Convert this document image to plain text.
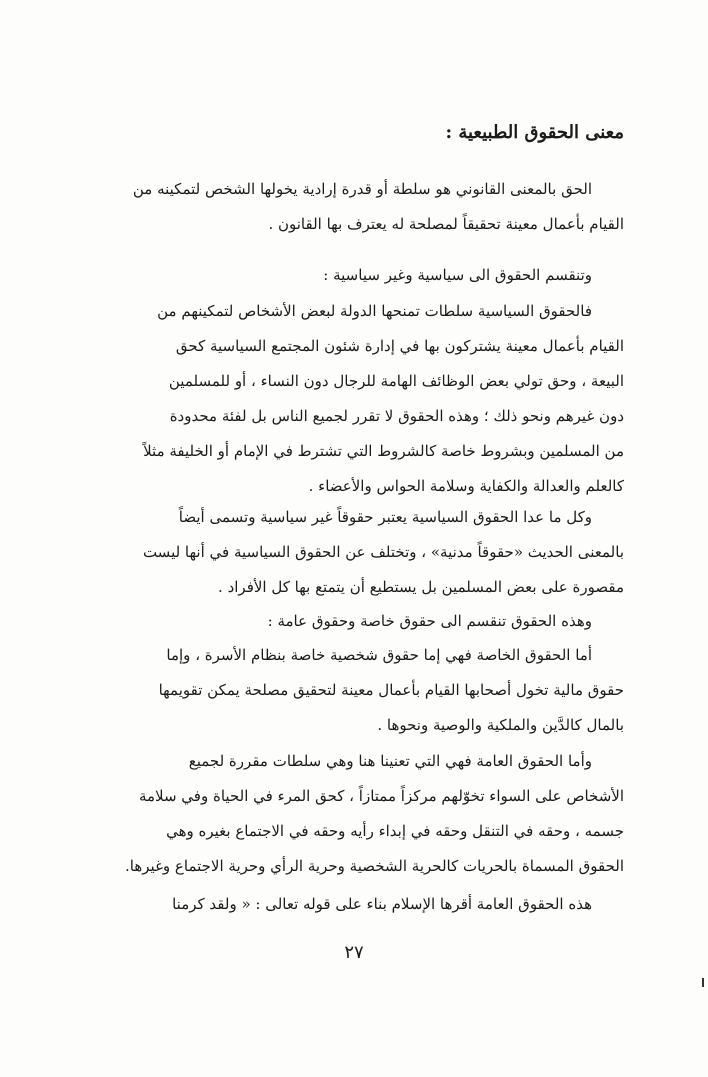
معنى الحقوق الطبيعية :
الحق بالمعنى القانوني هو سلطة أو قدرة إرادية يخولها الشخص لتمكينه من
القيام بأعمال معينة تحقيقاً لمصلحة له يعترف بها القانون .
وتنقسم الحقوق الى سياسية وغير سياسية :
فالحقوق السياسية سلطات تمنحها الدولة لبعض الأشخاص لتمكينهم من
القيام بأعمال معينة يشتركون بها في إدارة شئون المجتمع السياسية كحق
البيعة ، وحق تولي بعض الوظائف الهامة للرجال دون النساء ، أو للمسلمين
دون غيرهم ونحو ذلك ؛ وهذه الحقوق لا تقرر لجميع الناس بل لفئة محدودة
من المسلمين وبشروط خاصة كالشروط التي تشترط في الإمام أو الخليفة مثلاً
كالعلم والعدالة والكفاية وسلامة الحواس والأعضاء .
وكل ما عدا الحقوق السياسية يعتبر حقوقاً غير سياسية وتسمى أيضاً
بالمعنى الحديث «حقوقاً مدنية» ، وتختلف عن الحقوق السياسية في أنها ليست
مقصورة على بعض المسلمين بل يستطيع أن يتمتع بها كل الأفراد .
وهذه الحقوق تنقسم الى حقوق خاصة وحقوق عامة :
أما الحقوق الخاصة فهي إما حقوق شخصية خاصة بنظام الأسرة ، وإما
حقوق مالية تخول أصحابها القيام بأعمال معينة لتحقيق مصلحة يمكن تقويمها
بالمال كالدَّين والملكية والوصية ونحوها .
وأما الحقوق العامة فهي التي تعنينا هنا وهي سلطات مقررة لجميع
الأشخاص على السواء تخوّلهم مركزاً ممتازاً ، كحق المرء في الحياة وفي سلامة
جسمه ، وحقه في التنقل وحقه في إبداء رأيه وحقه في الاجتماع بغيره وهي
الحقوق المسماة بالحريات كالحرية الشخصية وحرية الرأي وحرية الاجتماع وغيرها.
هذه الحقوق العامة أقرها الإسلام بناء على قوله تعالى : « ولقد كرمنا
٢٧
